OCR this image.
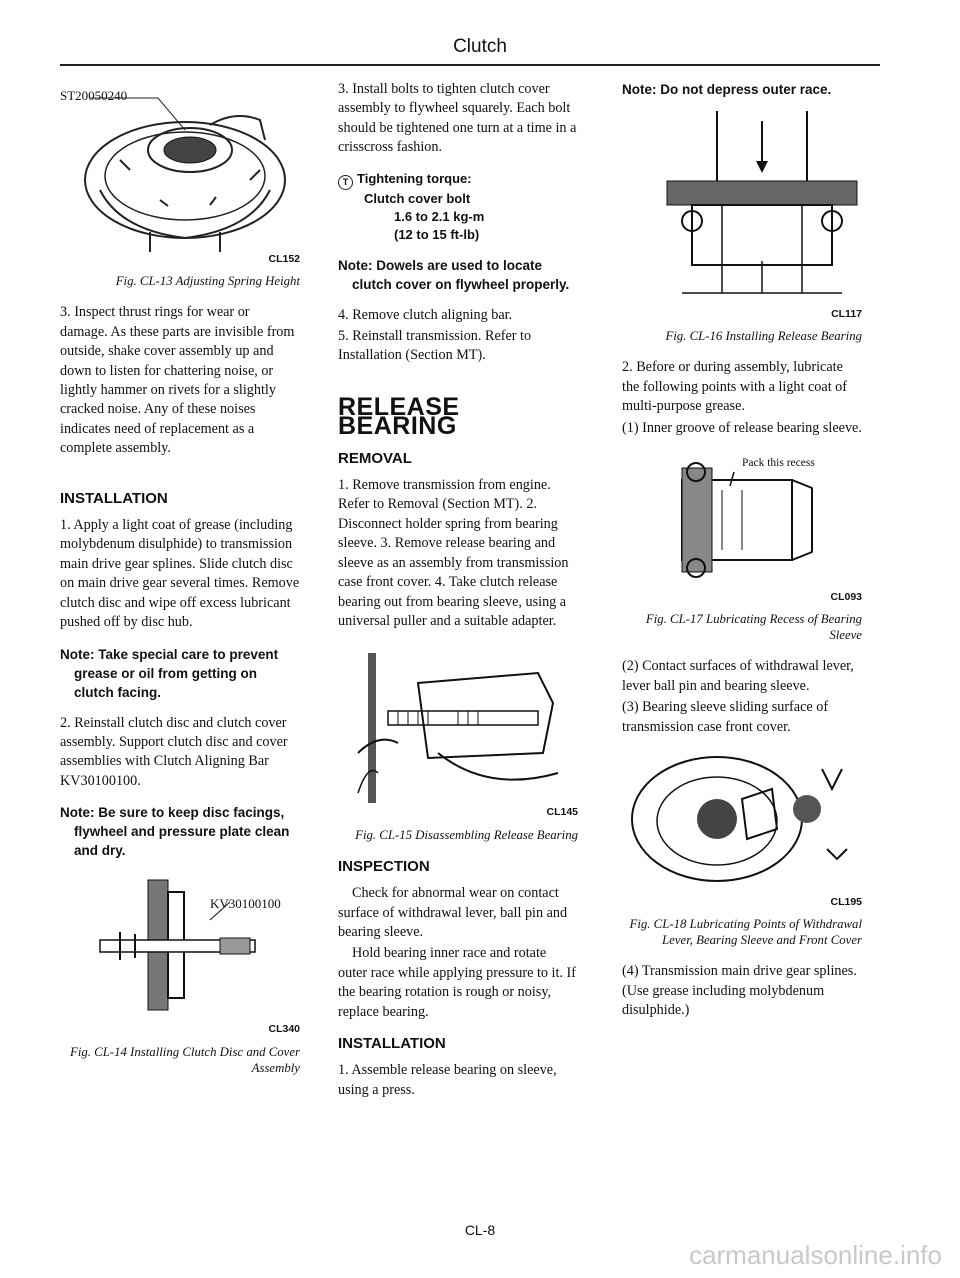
Clutch
ST20050240
CL152
Fig. CL-13 Adjusting Spring Height

3. Inspect thrust rings for wear or damage. As these parts are invisible from outside, shake cover assembly up and down to listen for chattering noise, or lightly hammer on rivets for a slightly cracked noise. Any of these noises indicates need of replacement as a complete assembly.

INSTALLATION

1. Apply a light coat of grease (including molybdenum disulphide) to transmission main drive gear splines. Slide clutch disc on main drive gear several times. Remove clutch disc and wipe off excess lubricant pushed off by disc hub.

Note: Take special care to prevent
grease or oil from getting on clutch facing.

2. Reinstall clutch disc and clutch cover assembly. Support clutch disc and cover assemblies with Clutch Aligning Bar KV30100100.

Note: Be sure to keep disc facings,
flywheel and pressure plate clean and dry.
KV30100100
CL340
Fig. CL-14 Installing Clutch Disc and Cover Assembly

3. Install bolts to tighten clutch cover assembly to flywheel squarely. Each bolt should be tightened one turn at a time in a crisscross fashion.

T Tightening torque:
Clutch cover bolt
1.6 to 2.1 kg-m
(12 to 15 ft-lb)
Note: Dowels are used to locate
clutch cover on flywheel properly.

4. Remove clutch aligning bar.

5. Reinstall transmission. Refer to Installation (Section MT).

RELEASE BEARING
REMOVAL

1. Remove transmission from engine. Refer to Removal (Section MT). 2. Disconnect holder spring from bearing sleeve. 3. Remove release bearing and sleeve as an assembly from transmission case front cover. 4. Take clutch release bearing out from bearing sleeve, using a universal puller and a suitable adapter.

CL145
Fig. CL-15 Disassembling Release Bearing
INSPECTION

Check for abnormal wear on contact surface of withdrawal lever, ball pin and bearing sleeve.

Hold bearing inner race and rotate outer race while applying pressure to it. If the bearing rotation is rough or noisy, replace bearing.

INSTALLATION

1. Assemble release bearing on sleeve, using a press.

Note: Do not depress outer race.
CL117
Fig. CL-16 Installing Release Bearing

2. Before or during assembly, lubricate the following points with a light coat of multi-purpose grease.

(1) Inner groove of release bearing sleeve.

Pack this recess
CL093
Fig. CL-17 Lubricating Recess of Bearing Sleeve

(2) Contact surfaces of withdrawal lever, lever ball pin and bearing sleeve.

(3) Bearing sleeve sliding surface of transmission case front cover.

CL195
Fig. CL-18 Lubricating Points of Withdrawal Lever, Bearing Sleeve and Front Cover

(4) Transmission main drive gear splines. (Use grease including molybdenum disulphide.)

CL-8
carmanualsonline.info
